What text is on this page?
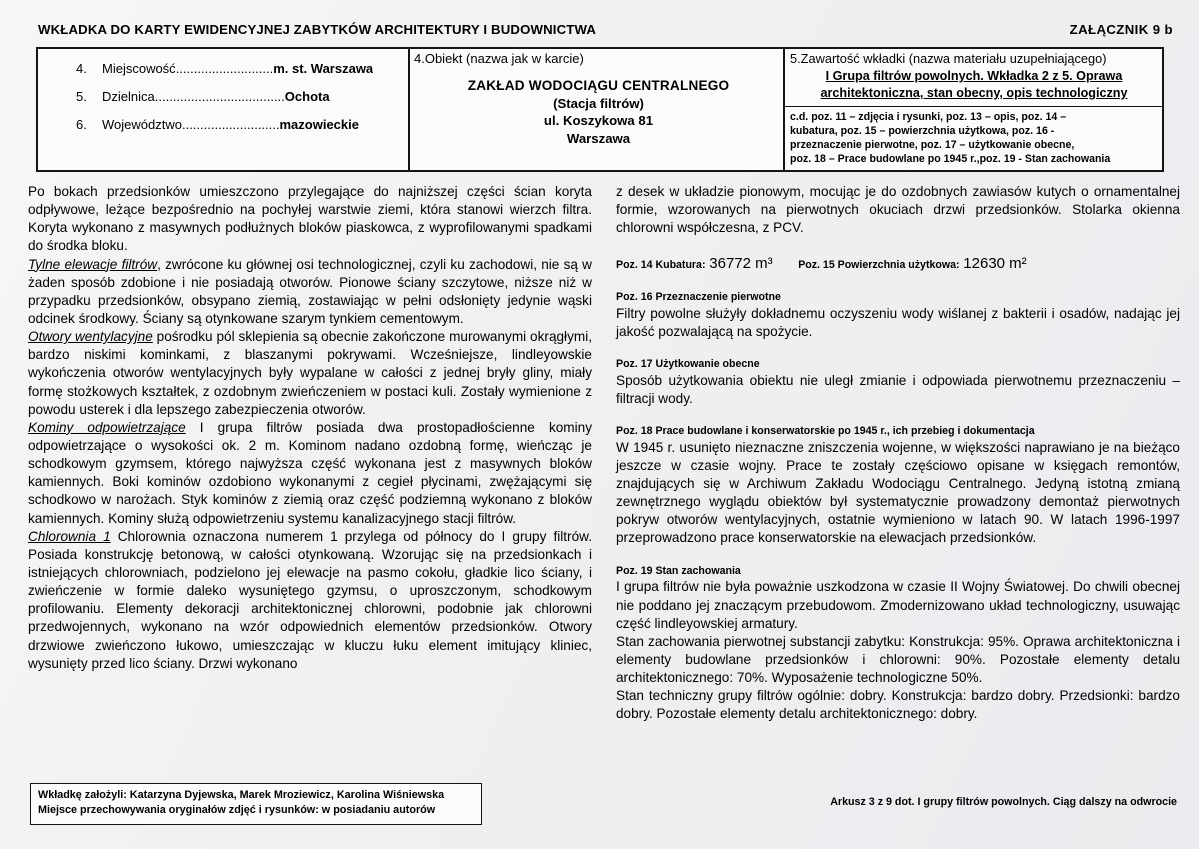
WKŁADKA DO KARTY EWIDENCYJNEJ ZABYTKÓW ARCHITEKTURY I BUDOWNICTWA	ZAŁĄCZNIK 9 b
4.	Miejscowość...........................m. st. Warszawa
5.	Dzielnica....................................Ochota
6.	Województwo...........................mazowieckie
4.Obiekt (nazwa jak w karcie)
ZAKŁAD WODOCIĄGU CENTRALNEGO
(Stacja filtrów)
ul. Koszykowa 81
Warszawa
5.Zawartość wkładki (nazwa materiału uzupełniającego)
I Grupa filtrów powolnych. Wkładka 2 z 5. Oprawa
architektoniczna, stan obecny, opis technologiczny
c.d. poz. 11 – zdjęcia i rysunki, poz. 13 – opis, poz. 14 –
kubatura, poz. 15 – powierzchnia użytkowa, poz. 16 -
przeznaczenie pierwotne, poz. 17 – użytkowanie obecne,
poz. 18 – Prace budowlane po 1945 r.,poz. 19 - Stan zachowania

Po bokach przedsionków umieszczono przylegające do najniższej części ścian koryta odpływowe, leżące bezpośrednio na pochyłej warstwie ziemi, która stanowi wierzch filtra. Koryta wykonano z masywnych podłużnych bloków piaskowca, z wyprofilowanymi spadkami do środka bloku.

Tylne elewacje filtrów, zwrócone ku głównej osi technologicznej, czyli ku zachodowi, nie są w żaden sposób zdobione i nie posiadają otworów. Pionowe ściany szczytowe, niższe niż w przypadku przedsionków, obsypano ziemią, zostawiając w pełni odsłonięty jedynie wąski odcinek środkowy. Ściany są otynkowane szarym tynkiem cementowym.

Otwory wentylacyjne pośrodku pól sklepienia są obecnie zakończone murowanymi okrągłymi, bardzo niskimi kominkami, z blaszanymi pokrywami. Wcześniejsze, lindleyowskie wykończenia otworów wentylacyjnych były wypalane w całości z jednej bryły gliny, miały formę stożkowych kształtek, z ozdobnym zwieńczeniem w postaci kuli. Zostały wymienione z powodu usterek i dla lepszego zabezpieczenia otworów.

Kominy odpowietrzające I grupa filtrów posiada dwa prostopadłościenne kominy odpowietrzające o wysokości ok. 2 m. Kominom nadano ozdobną formę, wieńcząc je schodkowym gzymsem, którego najwyższa część wykonana jest z masywnych bloków kamiennych. Boki kominów ozdobiono wykonanymi z cegieł płycinami, zwężającymi się schodkowo w narożach. Styk kominów z ziemią oraz część podziemną wykonano z bloków kamiennych. Kominy służą odpowietrzeniu systemu kanalizacyjnego stacji filtrów.

Chlorownia 1 Chlorownia oznaczona numerem 1 przylega od północy do I grupy filtrów. Posiada konstrukcję betonową, w całości otynkowaną. Wzorując się na przedsionkach i istniejących chlorowniach, podzielono jej elewacje na pasmo cokołu, gładkie lico ściany, i zwieńczenie w formie daleko wysuniętego gzymsu, o uproszczonym, schodkowym profilowaniu. Elementy dekoracji architektonicznej chlorowni, podobnie jak chlorowni przedwojennych, wykonano na wzór odpowiednich elementów przedsionków. Otwory drzwiowe zwieńczono łukowo, umieszczając w kluczu łuku element imitujący kliniec, wysunięty przed lico ściany. Drzwi wykonano

z desek w układzie pionowym, mocując je do ozdobnych zawiasów kutych o ornamentalnej formie, wzorowanych na pierwotnych okuciach drzwi przedsionków. Stolarka okienna chlorowni współczesna, z PCV.

Poz. 14 Kubatura: 36772 m³ Poz. 15 Powierzchnia użytkowa: 12630 m²
Poz. 16 Przeznaczenie pierwotne

Filtry powolne służyły dokładnemu oczyszeniu wody wiślanej z bakterii i osadów, nadając jej jakość pozwalającą na spożycie.

Poz. 17 Użytkowanie obecne

Sposób użytkowania obiektu nie uległ zmianie i odpowiada pierwotnemu przeznaczeniu – filtracji wody.

Poz. 18 Prace budowlane i konserwatorskie po 1945 r., ich przebieg i dokumentacja

W 1945 r. usunięto nieznaczne zniszczenia wojenne, w większości naprawiano je na bieżąco jeszcze w czasie wojny. Prace te zostały częściowo opisane w księgach remontów, znajdujących się w Archiwum Zakładu Wodociągu Centralnego. Jedyną istotną zmianą zewnętrznego wyglądu obiektów był systematycznie prowadzony demontaż pierwotnych pokryw otworów wentylacyjnych, ostatnie wymieniono w latach 90. W latach 1996-1997 przeprowadzono prace konserwatorskie na elewacjach przedsionków.

Poz. 19 Stan zachowania

I grupa filtrów nie była poważnie uszkodzona w czasie II Wojny Światowej. Do chwili obecnej nie poddano jej znaczącym przebudowom. Zmodernizowano układ technologiczny, usuwając część lindleyowskiej armatury.

Stan zachowania pierwotnej substancji zabytku: Konstrukcja: 95%. Oprawa architektoniczna i elementy budowlane przedsionków i chlorowni: 90%. Pozostałe elementy detalu architektonicznego: 70%. Wyposażenie technologiczne 50%.

Stan techniczny grupy filtrów ogólnie: dobry. Konstrukcja: bardzo dobry. Przedsionki: bardzo dobry. Pozostałe elementy detalu architektonicznego: dobry.

Wkładkę założyli: Katarzyna Dyjewska, Marek Mroziewicz, Karolina Wiśniewska
Miejsce przechowywania oryginałów zdjęć i rysunków: w posiadaniu autorów
Arkusz 3 z 9 dot. I grupy filtrów powolnych. Ciąg dalszy na odwrocie
